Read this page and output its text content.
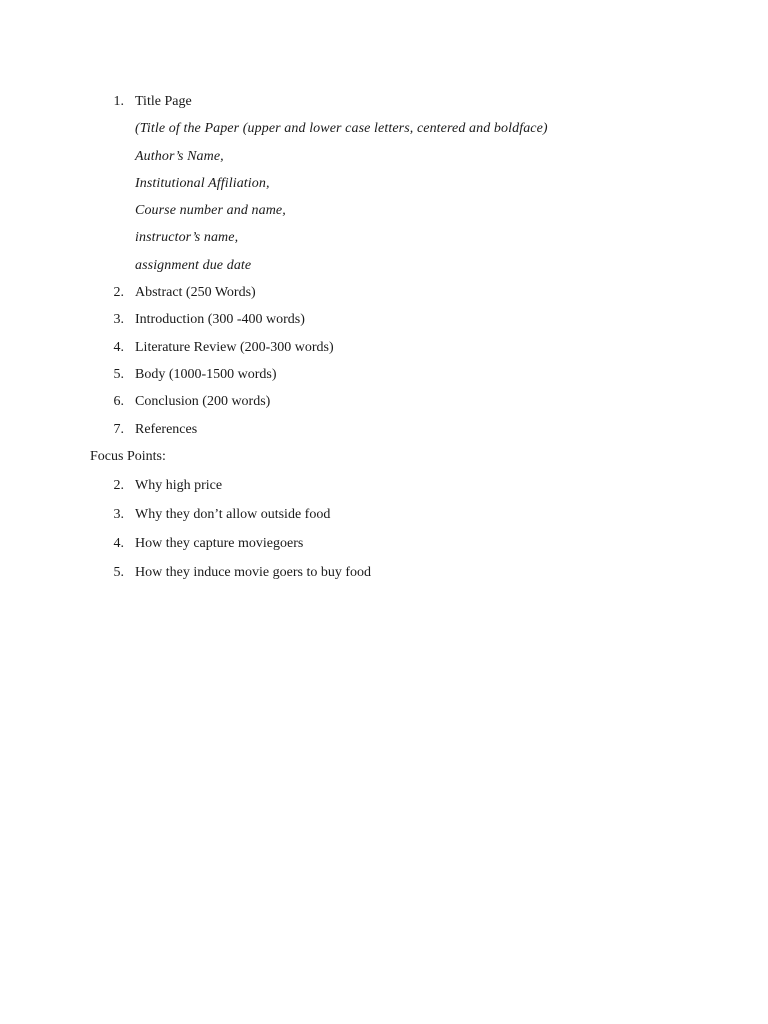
1. Title Page
(Title of the Paper (upper and lower case letters, centered and boldface)
Author’s Name,
Institutional Affiliation,
Course number and name,
instructor’s name,
assignment due date
2. Abstract (250 Words)
3. Introduction (300 -400 words)
4. Literature Review (200-300 words)
5. Body (1000-1500 words)
6. Conclusion (200 words)
7. References
Focus Points:
2. Why high price
3. Why they don’t allow outside food
4. How they capture moviegoers
5. How they induce movie goers to buy food
